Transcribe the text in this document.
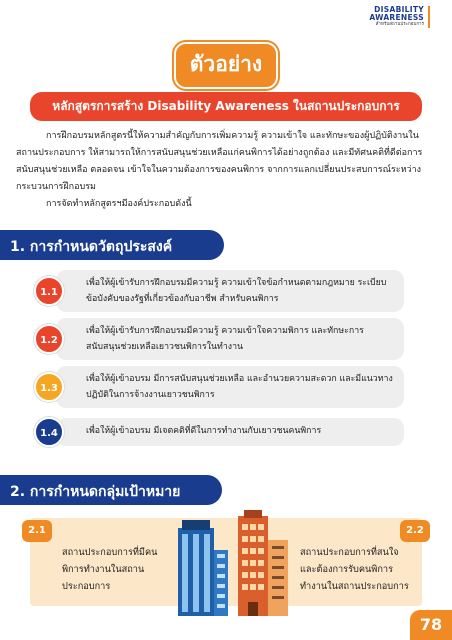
DISABILITY
AWARENESS
สำหรับสถานประกอบการ
ตัวอย่าง
หลักสูตรการสร้าง Disability Awareness ในสถานประกอบการ

การฝึกอบรมหลักสูตรนี้ให้ความสำคัญกับการเพิ่มความรู้ ความเข้าใจ และทักษะของผู้ปฏิบัติงานในสถานประกอบการ ให้สามารถให้การสนับสนุนช่วยเหลือแก่คนพิการได้อย่างถูกต้อง และมีทัศนคติที่ดีต่อการสนับสนุนช่วยเหลือ ตลอดจน เข้าใจในความต้องการของคนพิการ จากการแลกเปลี่ยนประสบการณ์ระหว่างกระบวนการฝึกอบรม

การจัดทำหลักสูตรฯมีองค์ประกอบดังนี้

1. การกำหนดวัตถุประสงค์
1.1
เพื่อให้ผู้เข้ารับการฝึกอบรมมีความรู้ ความเข้าใจข้อกำหนดตามกฎหมาย ระเบียบข้อบังคับของรัฐที่เกี่ยวข้องกับอาชีพ สำหรับคนพิการ
1.2
เพื่อให้ผู้เข้ารับการฝึกอบรมมีความรู้ ความเข้าใจความพิการ และทักษะการสนับสนุนช่วยเหลือเยาวชนพิการในทำงาน
1.3
เพื่อให้ผู้เข้าอบรม มีการสนับสนุนช่วยเหลือ และอำนวยความสะดวก และมีแนวทางปฏิบัติในการจ้างงานเยาวชนพิการ
1.4	เพื่อให้ผู้เข้าอบรม มีเจตคติที่ดีในการทำงานกับเยาวชนคนพิการ
2. การกำหนดกลุ่มเป้าหมาย
2.1	2.2
สถานประกอบการที่มีคนพิการทำงานในสถานประกอบการ
สถานประกอบการที่สนใจและต้องการรับคนพิการทำงานในสถานประกอบการ
78
